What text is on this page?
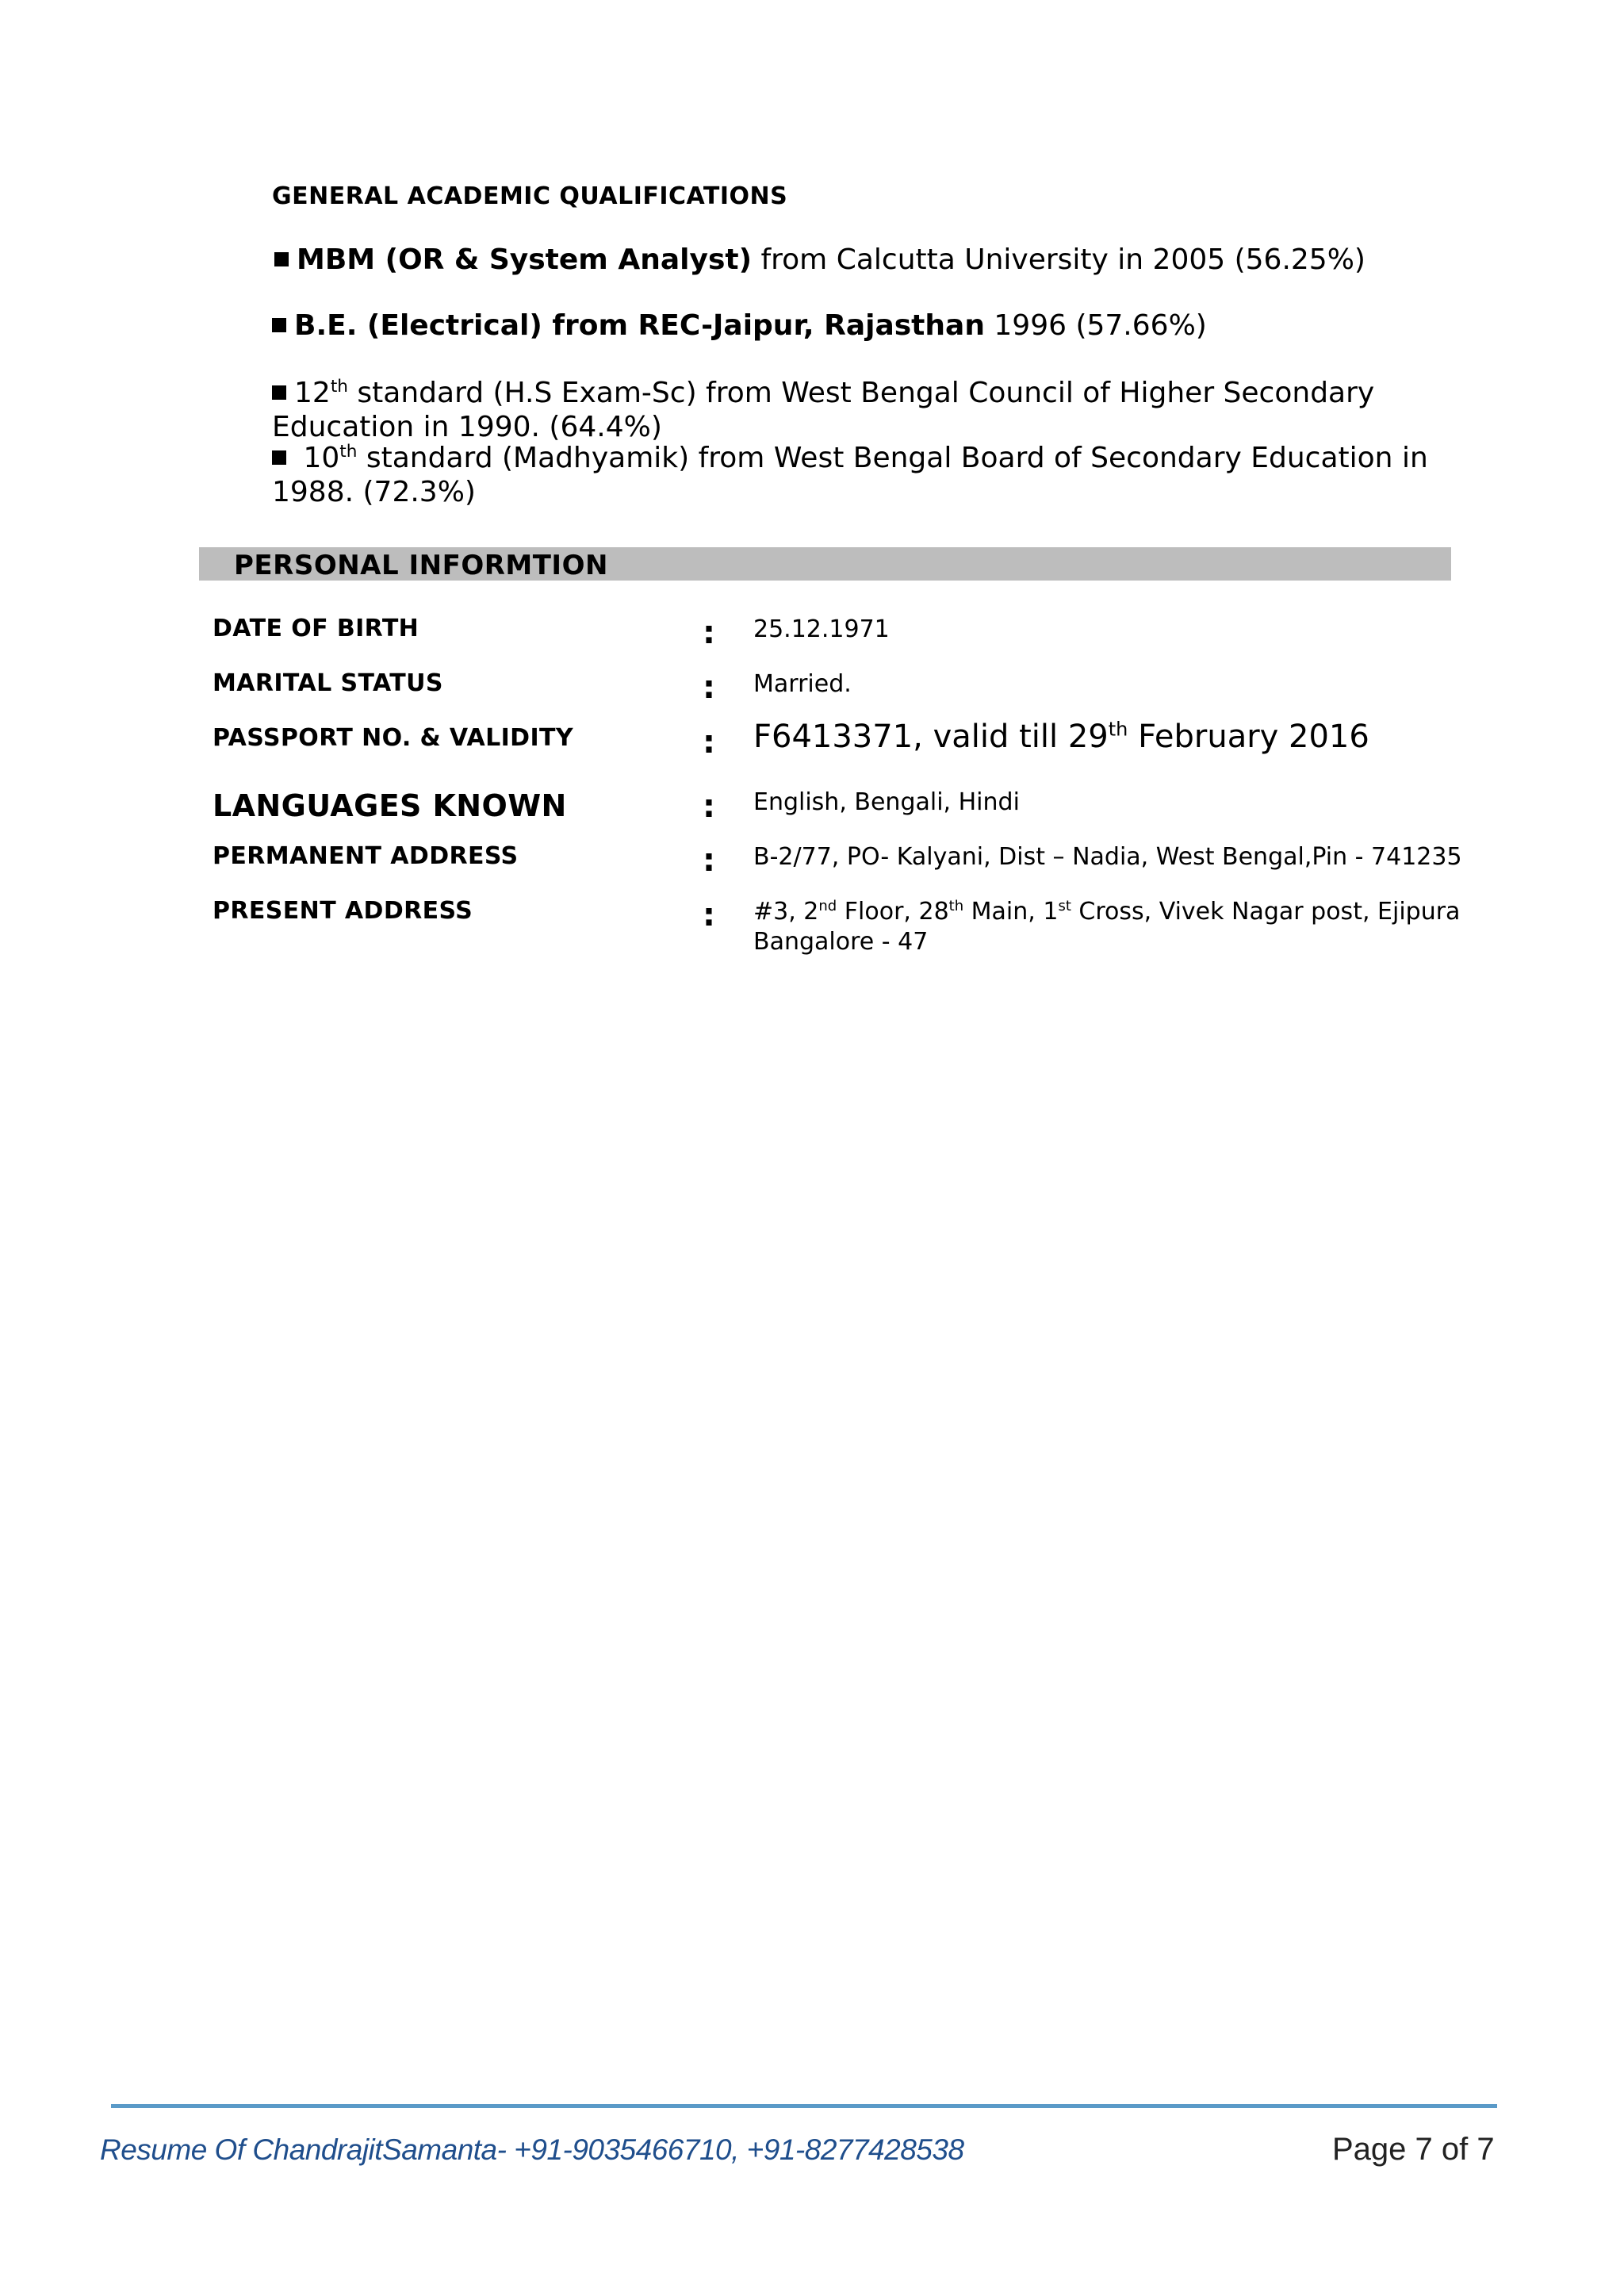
GENERAL ACADEMIC QUALIFICATIONS
MBM (OR & System Analyst) from Calcutta University in 2005 (56.25%)
B.E. (Electrical) from REC-Jaipur, Rajasthan 1996 (57.66%)
12th standard (H.S Exam-Sc) from West Bengal Council of Higher Secondary
Education in 1990. (64.4%)
10th standard (Madhyamik) from West Bengal Board of Secondary Education in
1988. (72.3%)
PERSONAL INFORMTION
DATE OF BIRTH	: 25.12.1971
MARITAL STATUS	: Married.
PASSPORT NO. & VALIDITY	: F6413371, valid till 29th February 2016
LANGUAGES KNOWN	: English, Bengali, Hindi
PERMANENT ADDRESS	: B-2/77, PO- Kalyani, Dist – Nadia, West Bengal,Pin - 741235
PRESENT ADDRESS	: #3, 2nd Floor, 28th Main, 1st Cross, Vivek Nagar post, Ejipura
Bangalore - 47
Resume Of ChandrajitSamanta- +91-9035466710, +91-8277428538	Page 7 of 7
